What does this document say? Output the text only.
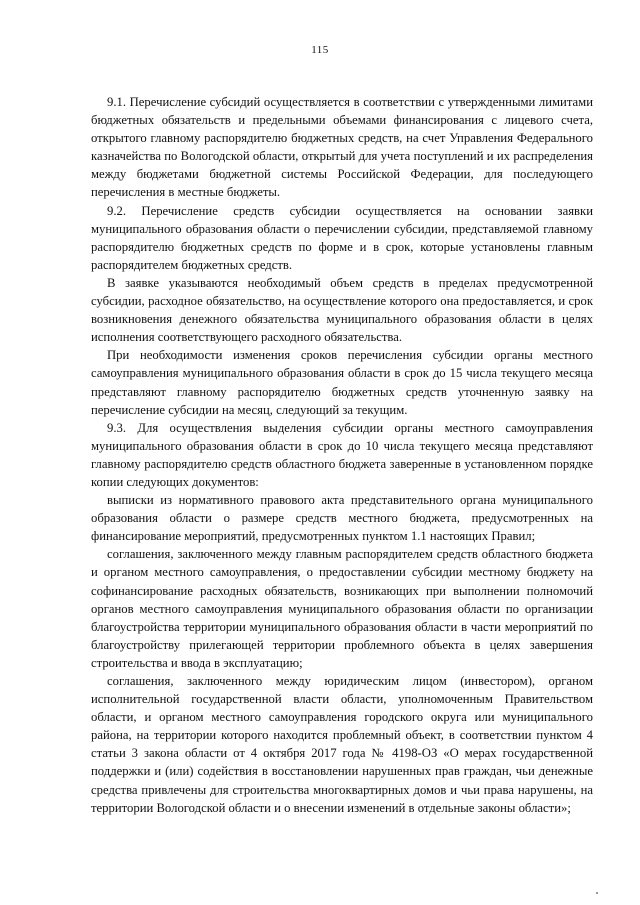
115

9.1. Перечисление субсидий осуществляется в соответствии с утвержденными лимитами бюджетных обязательств и предельными объемами финансирования с лицевого счета, открытого главному распорядителю бюджетных средств, на счет Управления Федерального казначейства по Вологодской области, открытый для учета поступлений и их распределения между бюджетами бюджетной системы Российской Федерации, для последующего перечисления в местные бюджеты.

9.2. Перечисление средств субсидии осуществляется на основании заявки муниципального образования области о перечислении субсидии, представляемой главному распорядителю бюджетных средств по форме и в срок, которые установлены главным распорядителем бюджетных средств.

В заявке указываются необходимый объем средств в пределах предусмотренной субсидии, расходное обязательство, на осуществление которого она предоставляется, и срок возникновения денежного обязательства муниципального образования области в целях исполнения соответствующего расходного обязательства.

При необходимости изменения сроков перечисления субсидии органы местного самоуправления муниципального образования области в срок до 15 числа текущего месяца представляют главному распорядителю бюджетных средств уточненную заявку на перечисление субсидии на месяц, следующий за текущим.

9.3. Для осуществления выделения субсидии органы местного самоуправления муниципального образования области в срок до 10 числа текущего месяца представляют главному распорядителю средств областного бюджета заверенные в установленном порядке копии следующих документов:

выписки из нормативного правового акта представительного органа муниципального образования области о размере средств местного бюджета, предусмотренных на финансирование мероприятий, предусмотренных пунктом 1.1 настоящих Правил;

соглашения, заключенного между главным распорядителем средств областного бюджета и органом местного самоуправления, о предоставлении субсидии местному бюджету на софинансирование расходных обязательств, возникающих при выполнении полномочий органов местного самоуправления муниципального образования области по организации благоустройства территории муниципального образования области в части мероприятий по благоустройству прилегающей территории проблемного объекта в целях завершения строительства и ввода в эксплуатацию;

соглашения, заключенного между юридическим лицом (инвестором), органом исполнительной государственной власти области, уполномоченным Правительством области, и органом местного самоуправления городского округа или муниципального района, на территории которого находится проблемный объект, в соответствии пунктом 4 статьи 3 закона области от 4 октября 2017 года № 4198-ОЗ «О мерах государственной поддержки и (или) содействия в восстановлении нарушенных прав граждан, чьи денежные средства привлечены для строительства многоквартирных домов и чьи права нарушены, на территории Вологодской области и о внесении изменений в отдельные законы области»;
